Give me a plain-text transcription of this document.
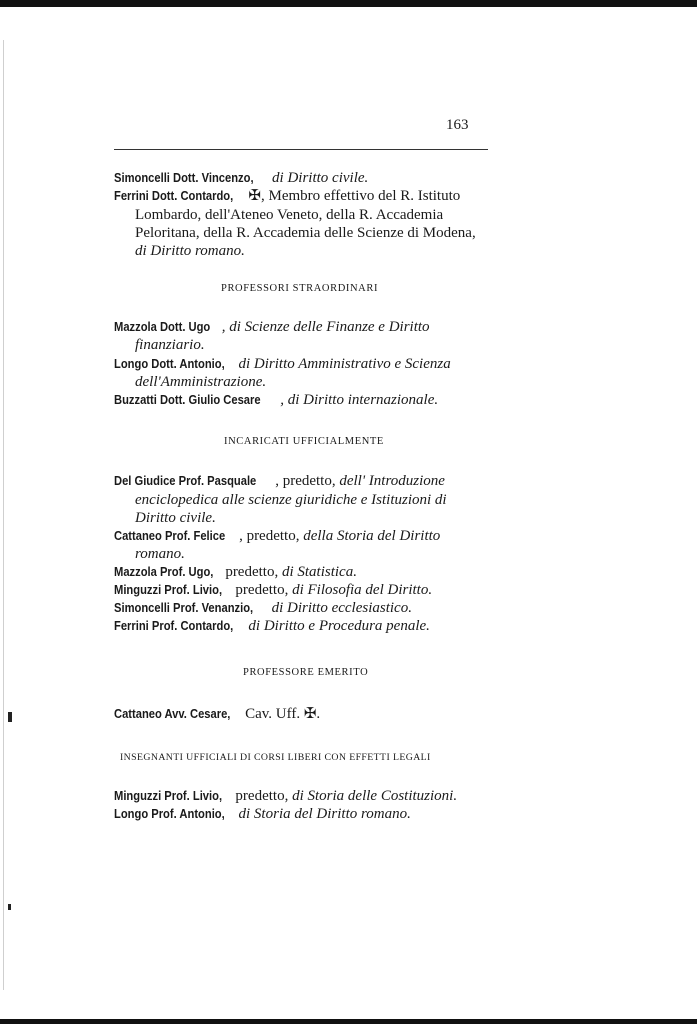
163
Simoncelli Dott. Vincenzo, di Diritto civile.
Ferrini Dott. Contardo, ✠, Membro effettivo del R. Istituto
Lombardo, dell'Ateneo Veneto, della R. Accademia
Peloritana, della R. Accademia delle Scienze di Modena,
di Diritto romano.
PROFESSORI STRAORDINARI
Mazzola Dott. Ugo , di Scienze delle Finanze e Diritto
finanziario.
Longo Dott. Antonio, di Diritto Amministrativo e Scienza
dell'Amministrazione.
Buzzatti Dott. Giulio Cesare , di Diritto internazionale.
INCARICATI UFFICIALMENTE
Del Giudice Prof. Pasquale , predetto, dell' Introduzione
enciclopedica alle scienze giuridiche e Istituzioni di
Diritto civile.
Cattaneo Prof. Felice , predetto, della Storia del Diritto
romano.
Mazzola Prof. Ugo, predetto, di Statistica.
Minguzzi Prof. Livio, predetto, di Filosofia del Diritto.
Simoncelli Prof. Venanzio, di Diritto ecclesiastico.
Ferrini Prof. Contardo, di Diritto e Procedura penale.
PROFESSORE EMERITO
Cattaneo Avv. Cesare, Cav. Uff. ✠.
INSEGNANTI UFFICIALI DI CORSI LIBERI CON EFFETTI LEGALI
Minguzzi Prof. Livio, predetto, di Storia delle Costituzioni.
Longo Prof. Antonio, di Storia del Diritto romano.
